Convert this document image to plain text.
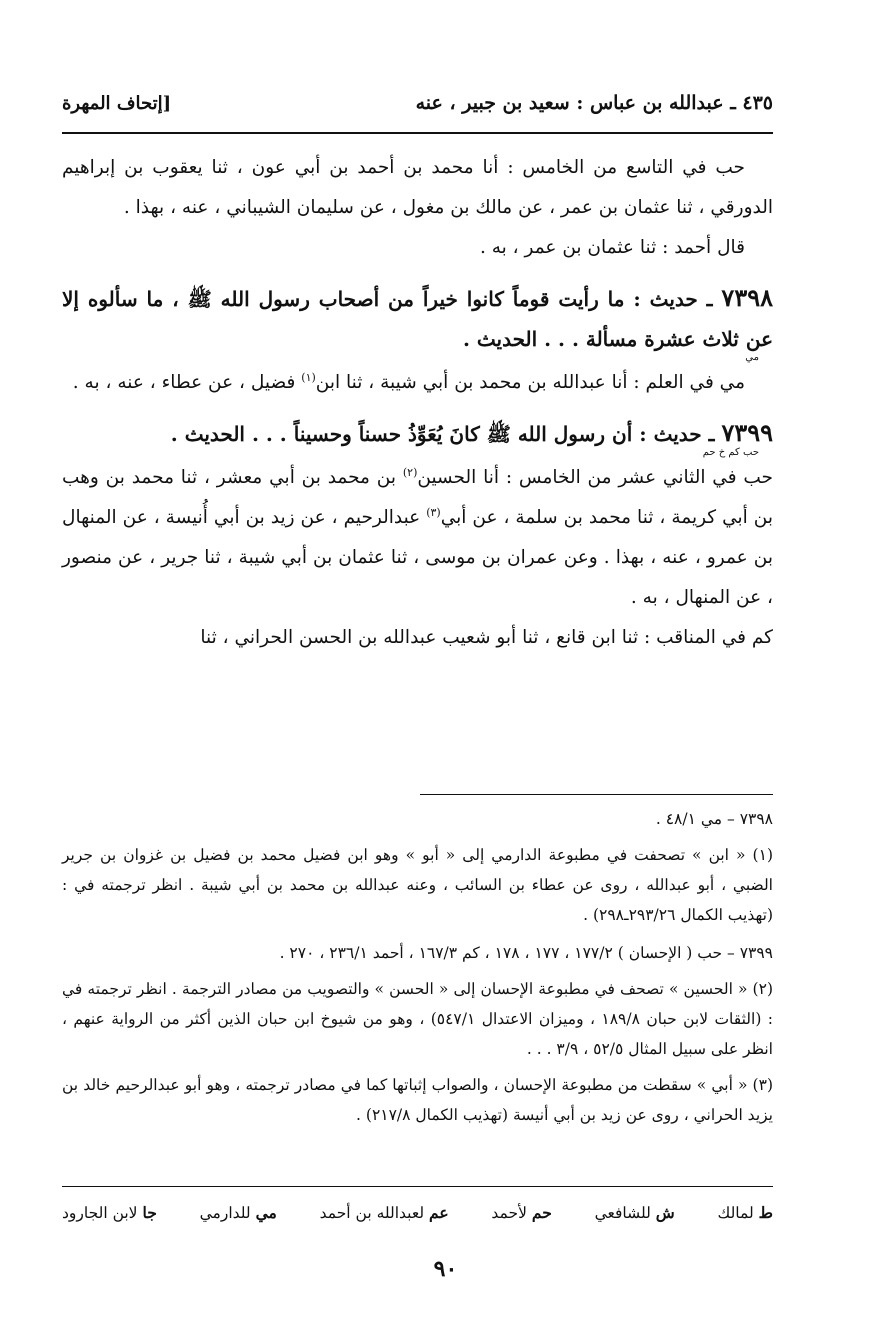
٤٣٥ ـ عبدالله بن عباس : سعيد بن جبير ، عنه
[إتحاف المهرة

حب في التاسع من الخامس : أنا محمد بن أحمد بن أبي عون ، ثنا يعقوب بن إبراهيم الدورقي ، ثنا عثمان بن عمر ، عن مالك بن مغول ، عن سليمان الشيباني ، عنه ، بهذا .

قال أحمد : ثنا عثمان بن عمر ، به .

٧٣٩٨ ـ حديث : ما رأيت قوماً كانوا خيراً من أصحاب رسول الله ﷺ ، ما سألوه إلا عن ثلاث عشرة مسألة . . . الحديث .
مي

مي في العلم : أنا عبدالله بن محمد بن أبي شيبة ، ثنا ابن$^{(١)}$ فضيل ، عن عطاء ، عنه ، به .

٧٣٩٩ ـ حديث : أن رسول الله ﷺ كانَ يُعَوِّذُ حسناً وحسيناً . . . الحديث .
حب كم خ حم

حب في الثاني عشر من الخامس : أنا الحسين$^{(٢)}$ بن محمد بن أبي معشر ، ثنا محمد بن وهب بن أبي كريمة ، ثنا محمد بن سلمة ، عن أبي$^{(٣)}$ عبدالرحيم ، عن زيد بن أبي أُنيسة ، عن المنهال بن عمرو ، عنه ، بهذا . وعن عمران بن موسى ، ثنا عثمان بن أبي شيبة ، ثنا جرير ، عن منصور ، عن المنهال ، به .

كم في المناقب : ثنا ابن قانع ، ثنا أبو شعيب عبدالله بن الحسن الحراني ، ثنا

٧٣٩٨ – مي ٤٨/١ .

(١) « ابن » تصحفت في مطبوعة الدارمي إلى « أبو » وهو ابن فضيل محمد بن فضيل بن غزوان بن جرير الضبي ، أبو عبدالله ، روى عن عطاء بن السائب ، وعنه عبدالله بن محمد بن أبي شيبة . انظر ترجمته في : (تهذيب الكمال ٢٩٣/٢٦ـ٢٩٨) .

٧٣٩٩ – حب ( الإحسان ) ١٧٧/٢ ، ١٧٧ ، ١٧٨ ، كم ١٦٧/٣ ، أحمد ٢٣٦/١ ، ٢٧٠ .

(٢) « الحسين » تصحف في مطبوعة الإحسان إلى « الحسن » والتصويب من مصادر الترجمة . انظر ترجمته في : (الثقات لابن حبان ١٨٩/٨ ، وميزان الاعتدال ٥٤٧/١) ، وهو من شيوخ ابن حبان الذين أكثر من الرواية عنهم ، انظر على سبيل المثال ٥٢/٥ ، ٣/٩ . . .

(٣) « أبي » سقطت من مطبوعة الإحسان ، والصواب إثباتها كما في مصادر ترجمته ، وهو أبو عبدالرحيم خالد بن يزيد الحراني ، روى عن زيد بن أبي أنيسة (تهذيب الكمال ٢١٧/٨) .

ط لمالك
ش للشافعي
حم لأحمد
عم لعبدالله بن أحمد
مي للدارمي
جا لابن الجارود
٩٠
